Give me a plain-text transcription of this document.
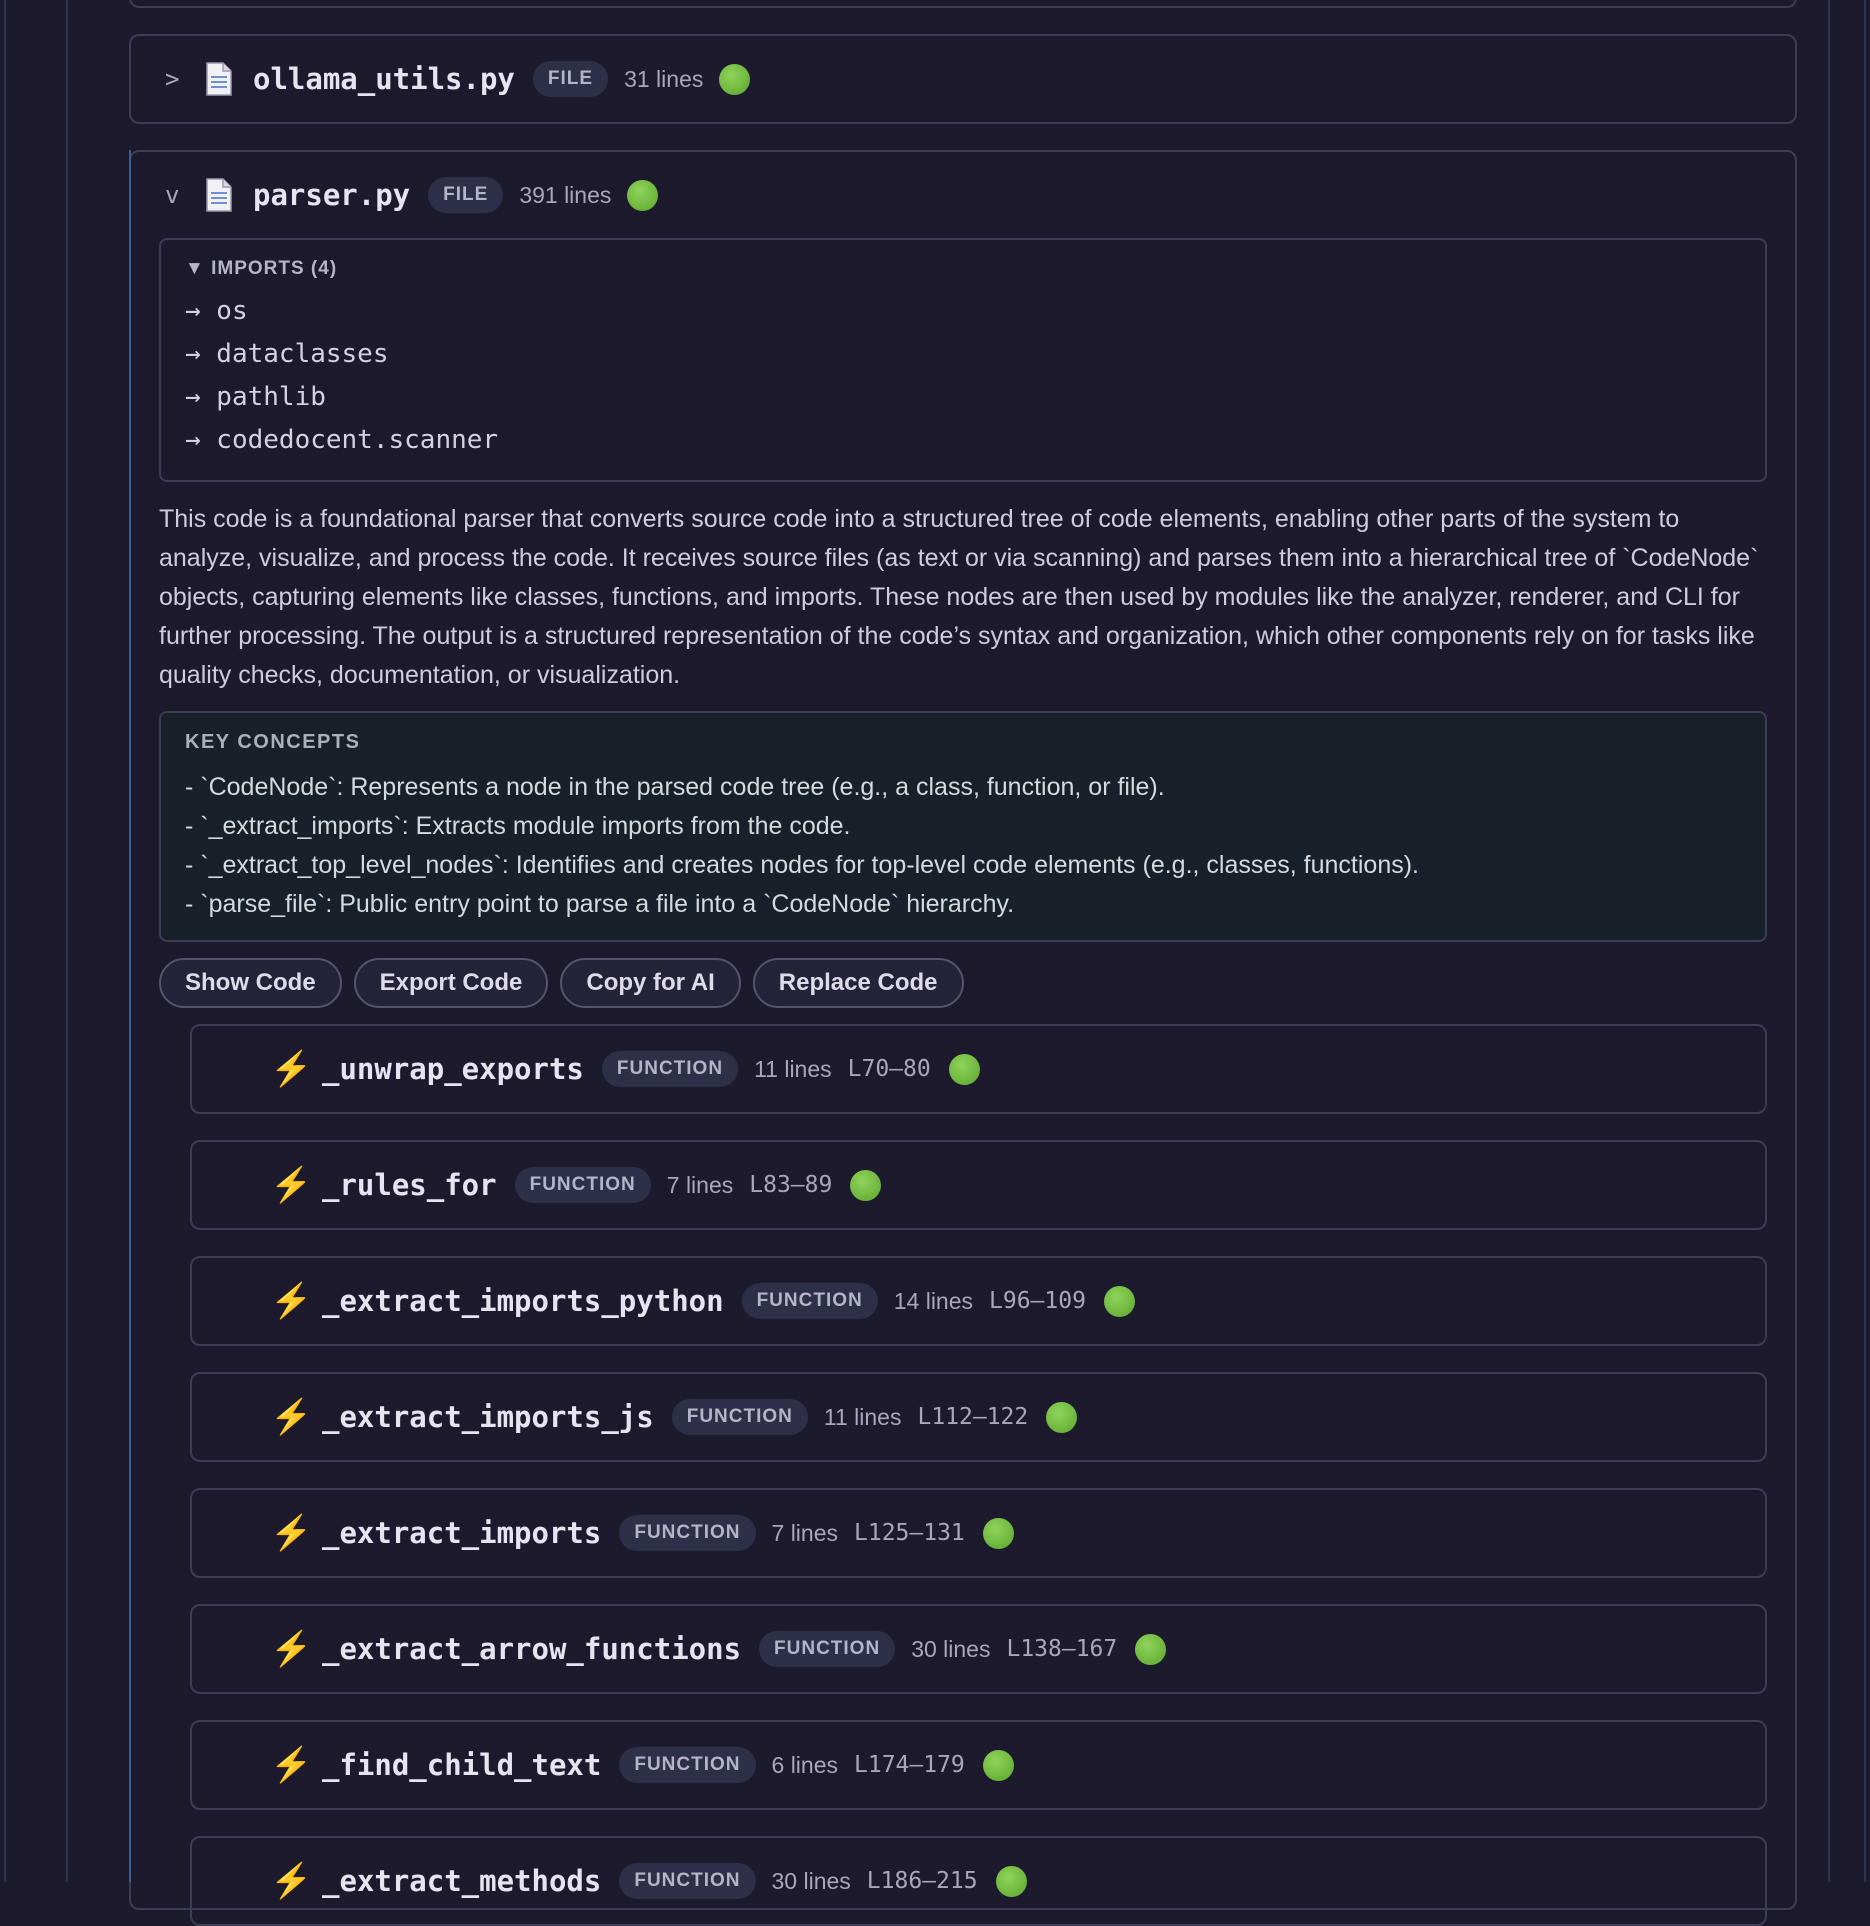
>	ollama_utils.py	FILE	31 lines
v	parser.py	FILE	391 lines
▼ IMPORTS (4)
→ os
→ dataclasses
→ pathlib
→ codedocent.scanner
This code is a foundational parser that converts source code into a structured tree of code elements, enabling other parts of the system to analyze, visualize, and process the code. It receives source files (as text or via scanning) and parses them into a hierarchical tree of `CodeNode` objects, capturing elements like classes, functions, and imports. These nodes are then used by modules like the analyzer, renderer, and CLI for further processing. The output is a structured representation of the code’s syntax and organization, which other components rely on for tasks like quality checks, documentation, or visualization.
KEY CONCEPTS
- `CodeNode`: Represents a node in the parsed code tree (e.g., a class, function, or file).
- `_extract_imports`: Extracts module imports from the code.
- `_extract_top_level_nodes`: Identifies and creates nodes for top-level code elements (e.g., classes, functions).
- `parse_file`: Public entry point to parse a file into a `CodeNode` hierarchy.
Show Code	Export Code	Copy for AI	Replace Code
⚡ _unwrap_exports	FUNCTION	11 lines L70–80
⚡ _rules_for	FUNCTION	7 lines L83–89
⚡ _extract_imports_python	FUNCTION	14 lines L96–109
⚡ _extract_imports_js	FUNCTION	11 lines L112–122
⚡ _extract_imports	FUNCTION	7 lines L125–131
⚡ _extract_arrow_functions	FUNCTION	30 lines L138–167
⚡ _find_child_text	FUNCTION	6 lines L174–179
⚡ _extract_methods	FUNCTION	30 lines L186–215
